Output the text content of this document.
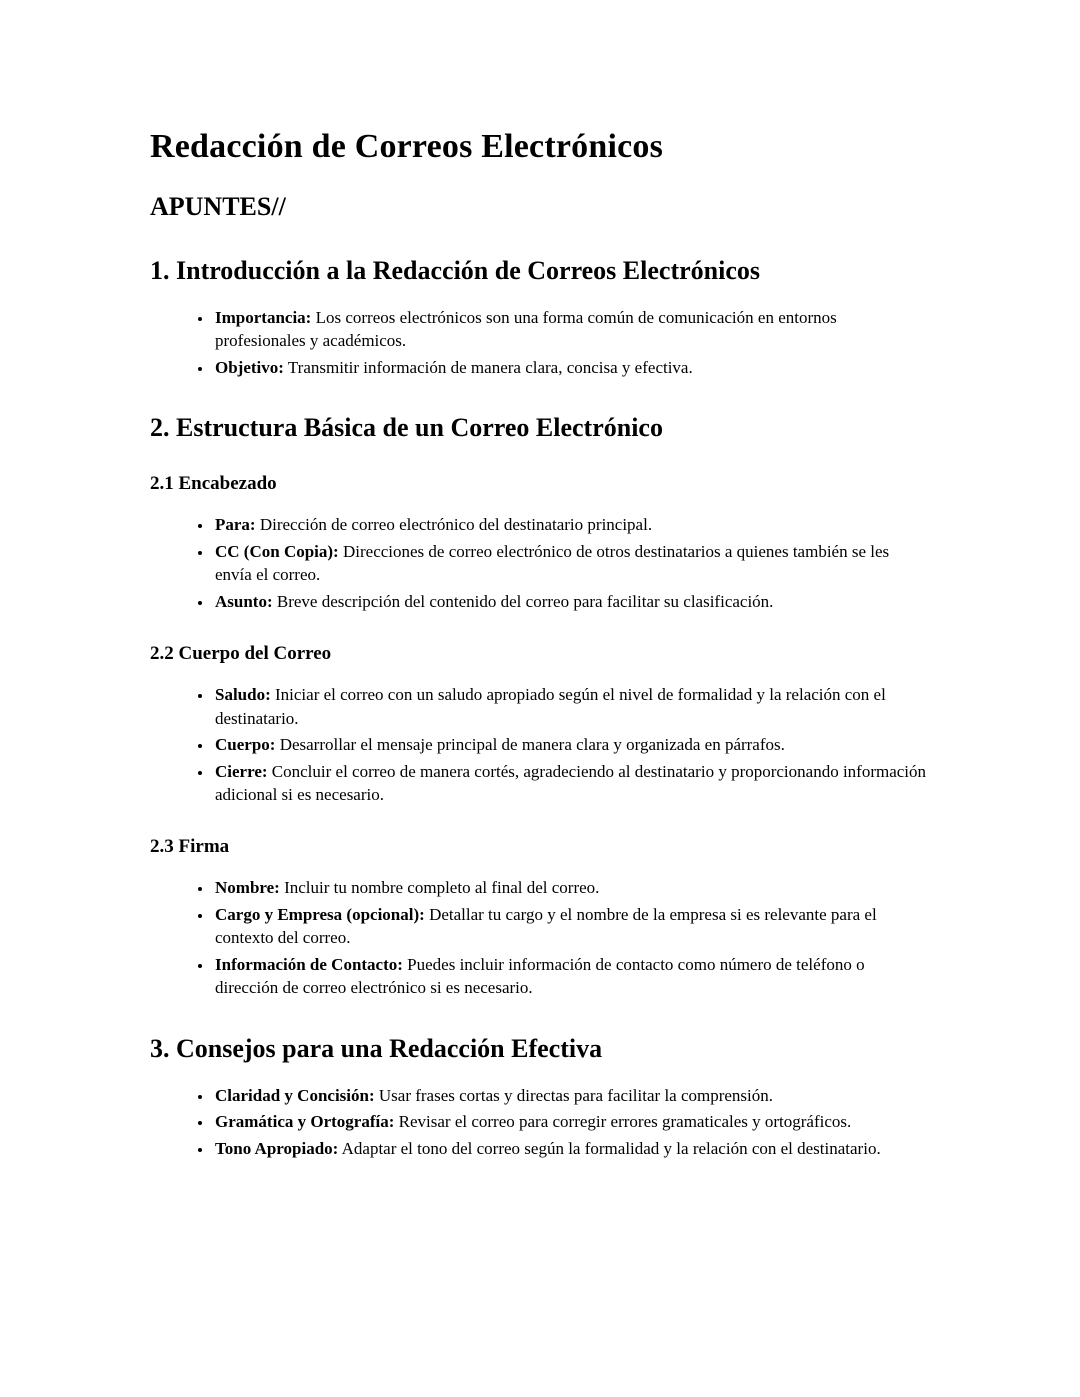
Redacción de Correos Electrónicos
APUNTES//
1. Introducción a la Redacción de Correos Electrónicos
• Importancia: Los correos electrónicos son una forma común de comunicación en entornos profesionales y académicos.
• Objetivo: Transmitir información de manera clara, concisa y efectiva.
2. Estructura Básica de un Correo Electrónico
2.1 Encabezado
• Para: Dirección de correo electrónico del destinatario principal.
• CC (Con Copia): Direcciones de correo electrónico de otros destinatarios a quienes también se les envía el correo.
• Asunto: Breve descripción del contenido del correo para facilitar su clasificación.
2.2 Cuerpo del Correo
• Saludo: Iniciar el correo con un saludo apropiado según el nivel de formalidad y la relación con el destinatario.
• Cuerpo: Desarrollar el mensaje principal de manera clara y organizada en párrafos.
• Cierre: Concluir el correo de manera cortés, agradeciendo al destinatario y proporcionando información adicional si es necesario.
2.3 Firma
• Nombre: Incluir tu nombre completo al final del correo.
• Cargo y Empresa (opcional): Detallar tu cargo y el nombre de la empresa si es relevante para el contexto del correo.
• Información de Contacto: Puedes incluir información de contacto como número de teléfono o dirección de correo electrónico si es necesario.
3. Consejos para una Redacción Efectiva
• Claridad y Concisión: Usar frases cortas y directas para facilitar la comprensión.
• Gramática y Ortografía: Revisar el correo para corregir errores gramaticales y ortográficos.
• Tono Apropiado: Adaptar el tono del correo según la formalidad y la relación con el destinatario.
